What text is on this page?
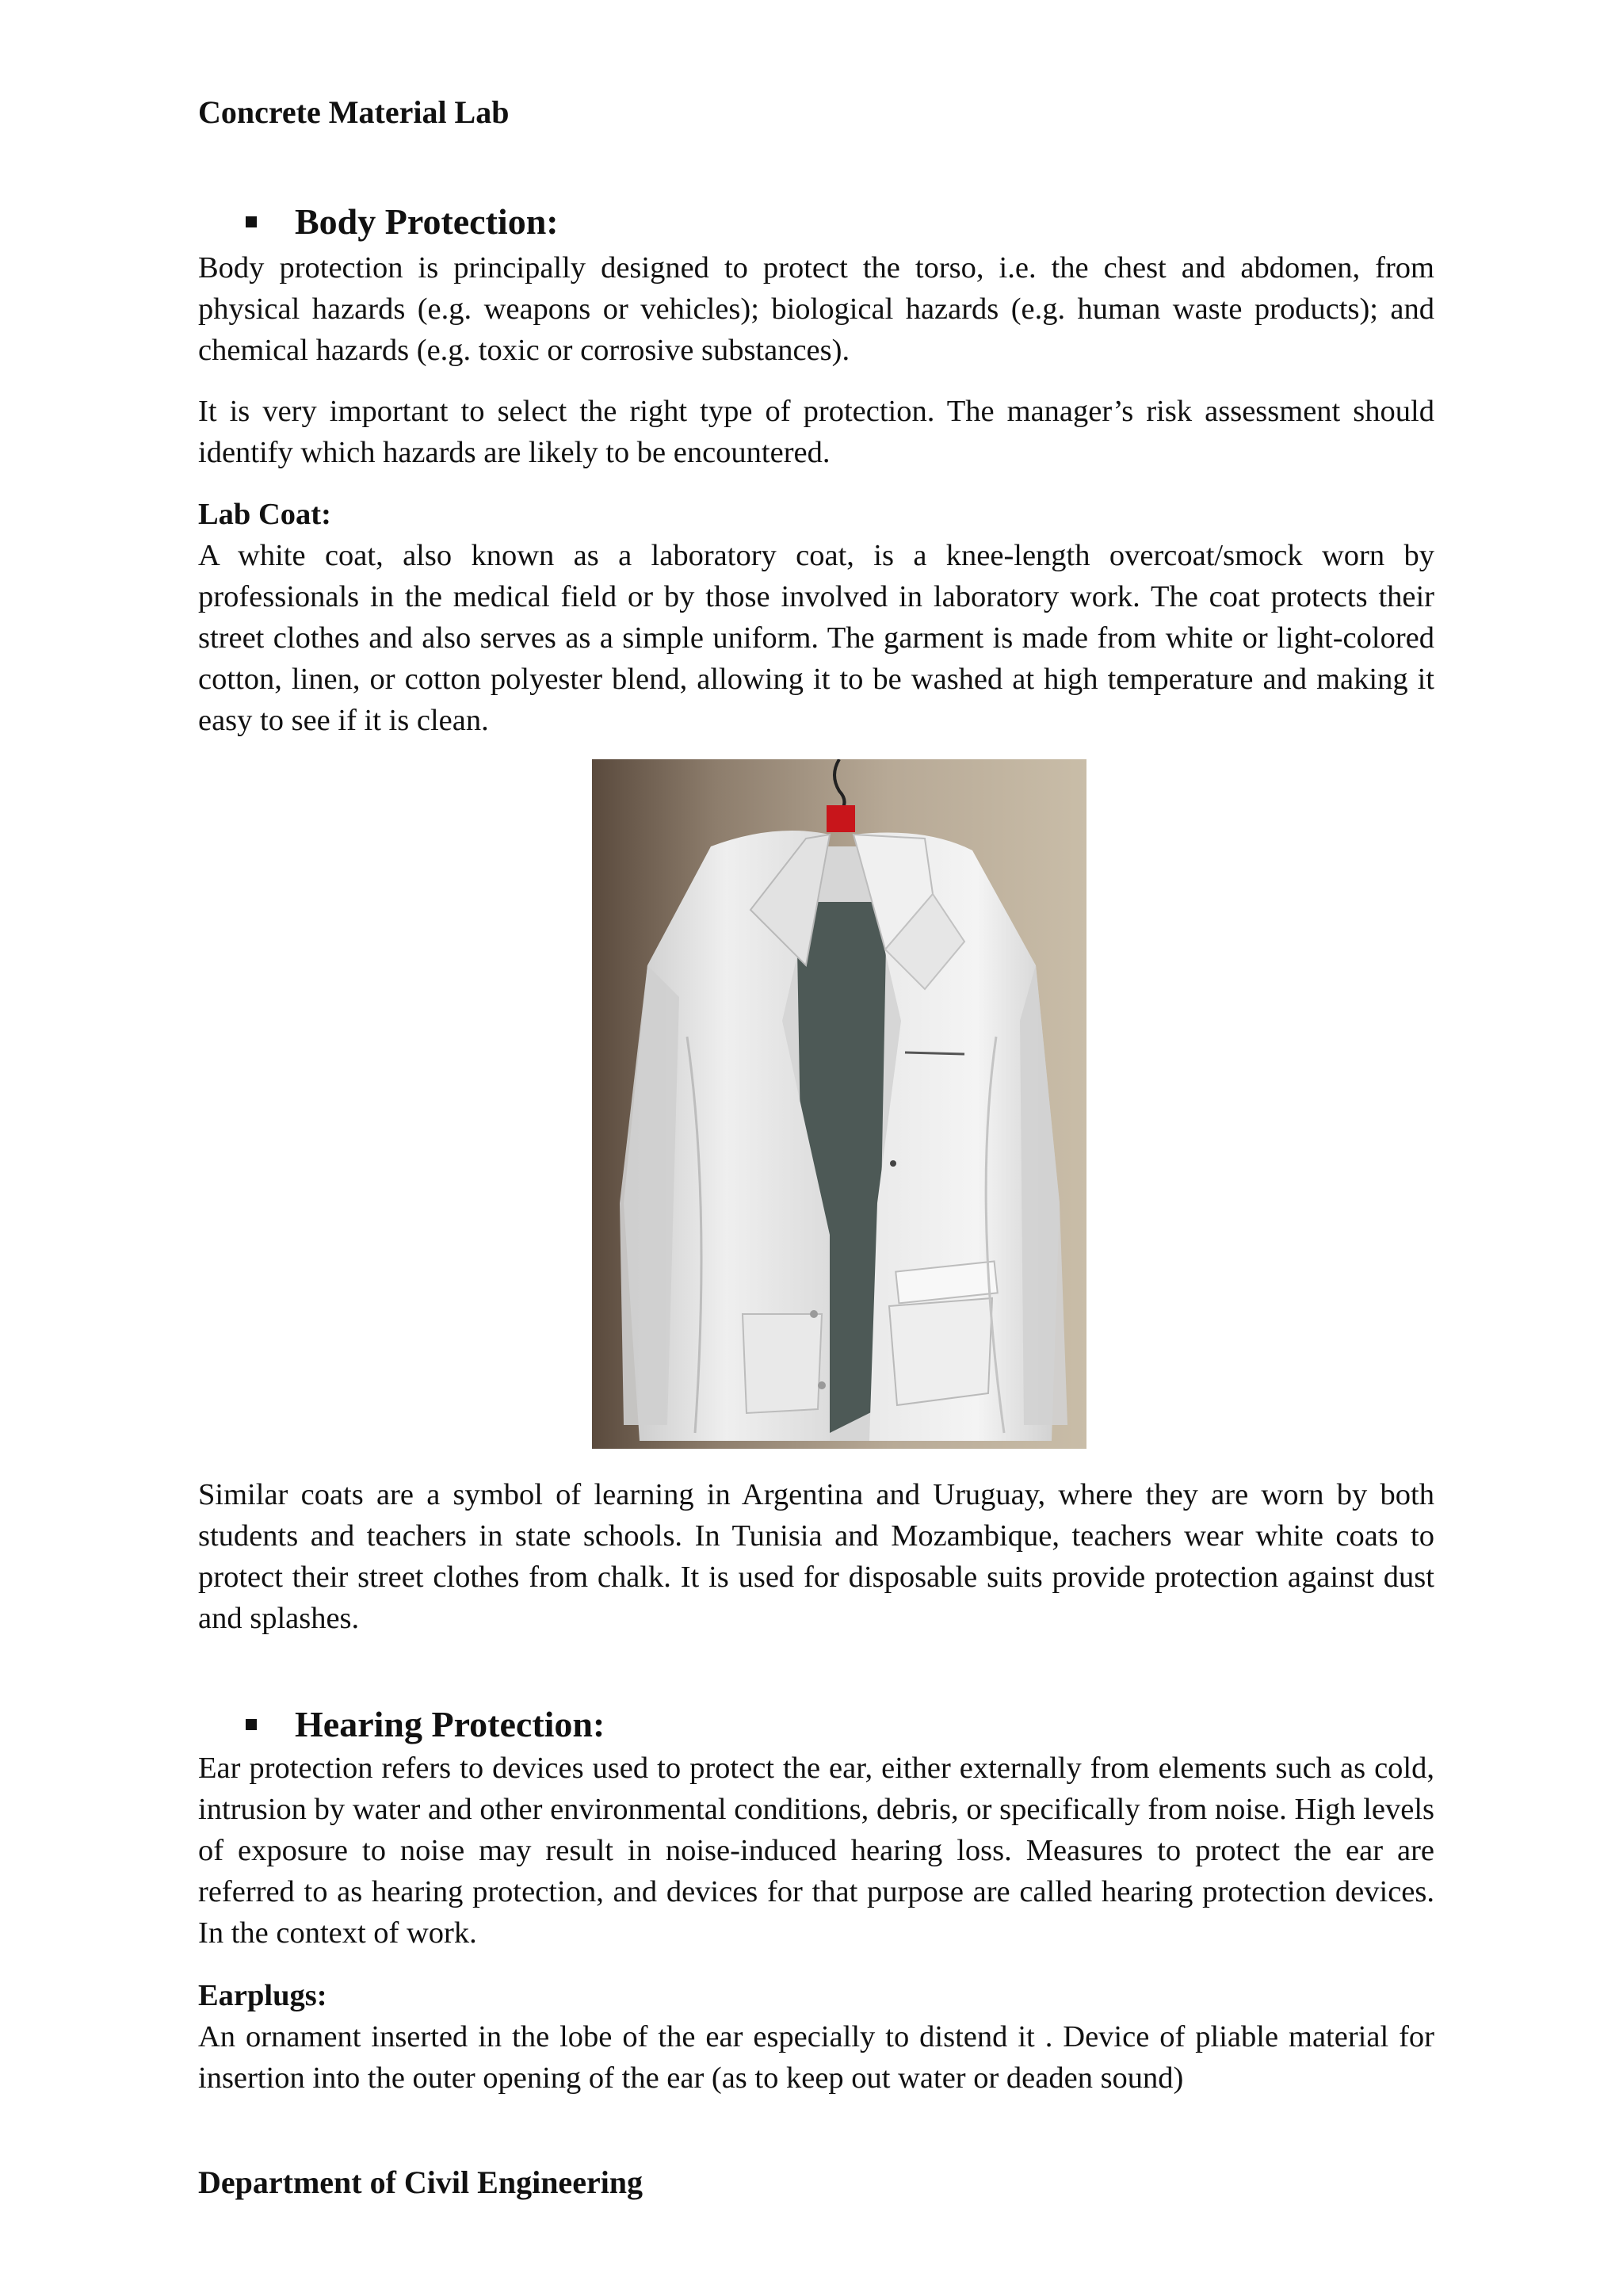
Concrete Material Lab
Body Protection:

Body protection is principally designed to protect the torso, i.e. the chest and abdomen, from physical hazards (e.g. weapons or vehicles); biological hazards (e.g. human waste products); and chemical hazards (e.g. toxic or corrosive substances).

It is very important to select the right type of protection. The manager’s risk assessment should identify which hazards are likely to be encountered.

Lab Coat:

A white coat, also known as a laboratory coat, is a knee-length overcoat/smock worn by professionals in the medical field or by those involved in laboratory work. The coat protects their street clothes and also serves as a simple uniform. The garment is made from white or light-colored cotton, linen, or cotton polyester blend, allowing it to be washed at high temperature and making it easy to see if it is clean.

Similar coats are a symbol of learning in Argentina and Uruguay, where they are worn by both students and teachers in state schools. In Tunisia and Mozambique, teachers wear white coats to protect their street clothes from chalk. It is used for disposable suits provide protection against dust and splashes.

Hearing Protection:

Ear protection refers to devices used to protect the ear, either externally from elements such as cold, intrusion by water and other environmental conditions, debris, or specifically from noise. High levels of exposure to noise may result in noise-induced hearing loss. Measures to protect the ear are referred to as hearing protection, and devices for that purpose are called hearing protection devices. In the context of work.

Earplugs:

An ornament inserted in the lobe of the ear especially to distend it . Device of pliable material for insertion into the outer opening of the ear (as to keep out water or deaden sound)

Department of Civil Engineering
